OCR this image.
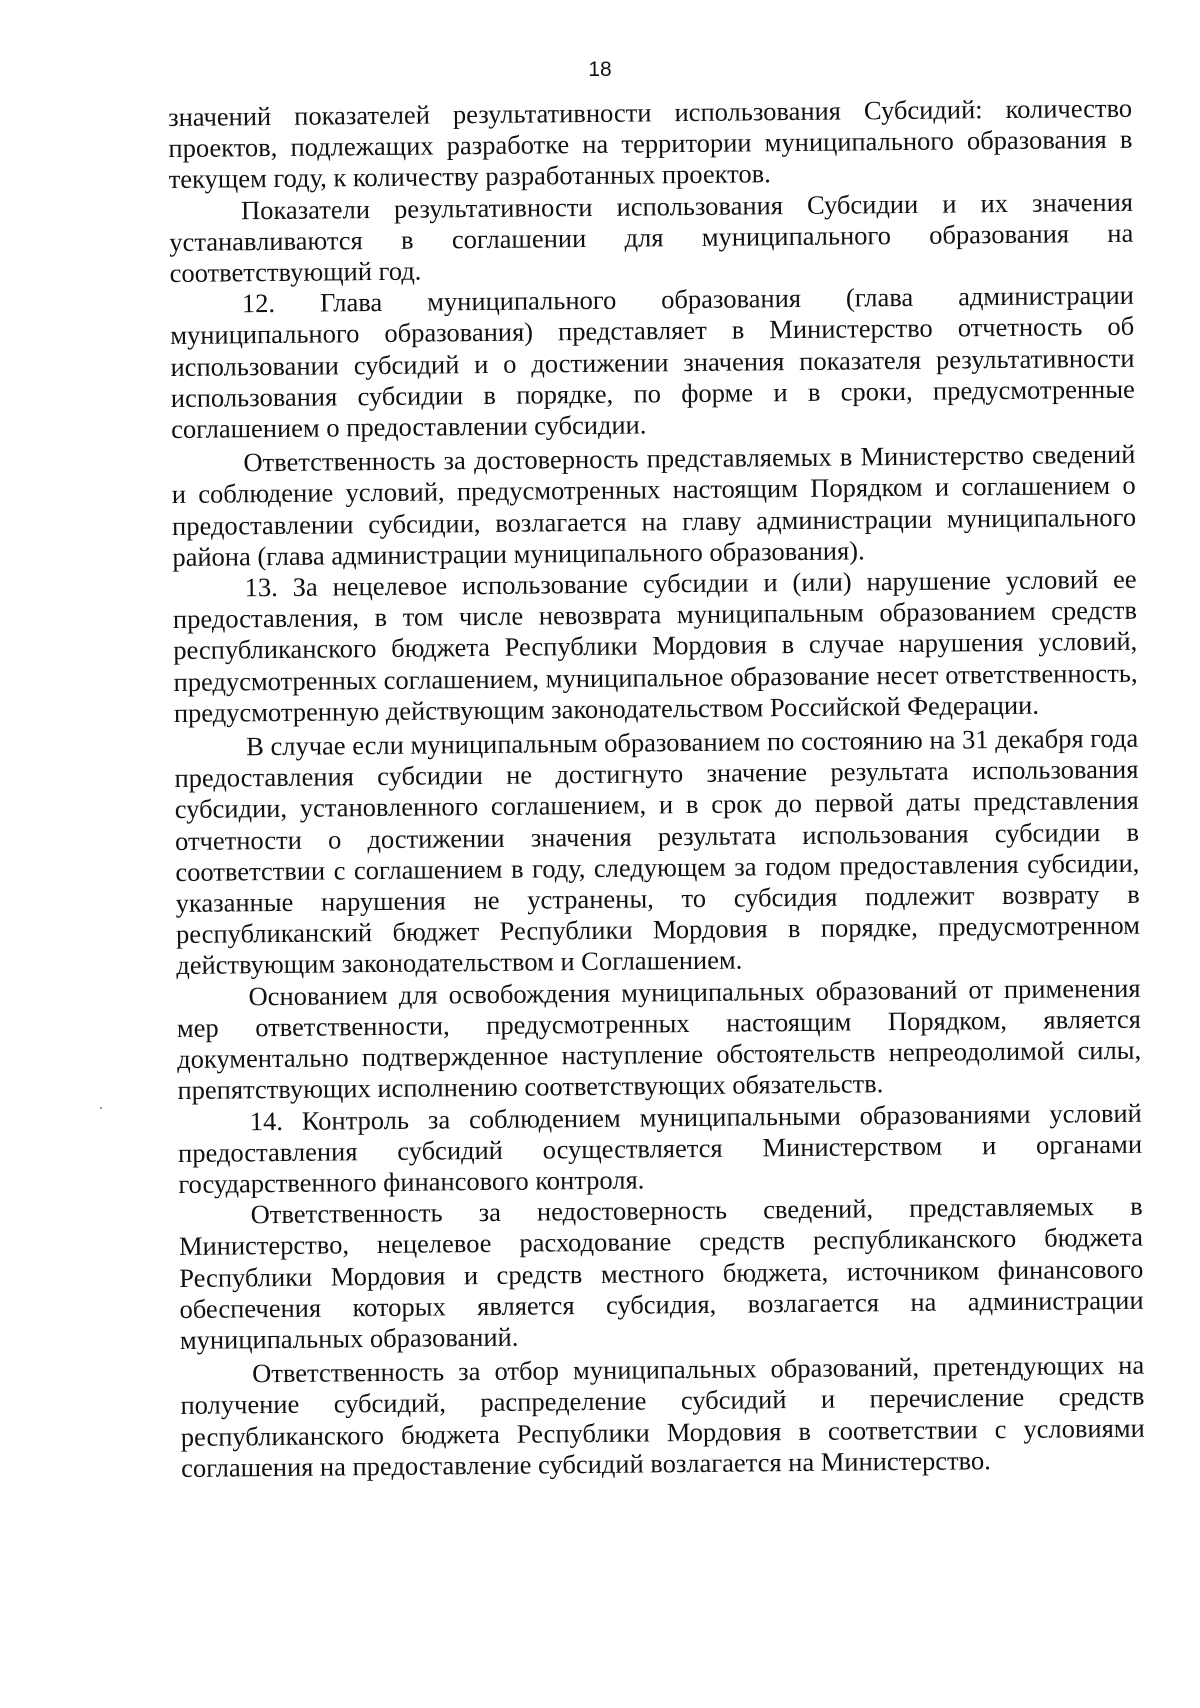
18

значений показателей результативности использования Субсидий: количество проектов, подлежащих разработке на территории муниципального образования в текущем году, к количеству разработанных проектов.

Показатели результативности использования Субсидии и их значения устанавливаются в соглашении для муниципального образования на соответствующий год.

12. Глава муниципального образования (глава администрации муниципального образования) представляет в Министерство отчетность об использовании субсидий и о достижении значения показателя результативности использования субсидии в порядке, по форме и в сроки, предусмотренные соглашением о предоставлении субсидии.

Ответственность за достоверность представляемых в Министерство сведений и соблюдение условий, предусмотренных настоящим Порядком и соглашением о предоставлении субсидии, возлагается на главу администрации муниципального района (глава администрации муниципального образования).

13. За нецелевое использование субсидии и (или) нарушение условий ее предоставления, в том числе невозврата муниципальным образованием средств республиканского бюджета Республики Мордовия в случае нарушения условий, предусмотренных соглашением, муниципальное образование несет ответственность, предусмотренную действующим законодательством Российской Федерации.

В случае если муниципальным образованием по состоянию на 31 декабря года предоставления субсидии не достигнуто значение результата использования субсидии, установленного соглашением, и в срок до первой даты представления отчетности о достижении значения результата использования субсидии в соответствии с соглашением в году, следующем за годом предоставления субсидии, указанные нарушения не устранены, то субсидия подлежит возврату в республиканский бюджет Республики Мордовия в порядке, предусмотренном действующим законодательством и Соглашением.

Основанием для освобождения муниципальных образований от применения мер ответственности, предусмотренных настоящим Порядком, является документально подтвержденное наступление обстоятельств непреодолимой силы, препятствующих исполнению соответствующих обязательств.

14. Контроль за соблюдением муниципальными образованиями условий предоставления субсидий осуществляется Министерством и органами государственного финансового контроля.

Ответственность за недостоверность сведений, представляемых в Министерство, нецелевое расходование средств республиканского бюджета Республики Мордовия и средств местного бюджета, источником финансового обеспечения которых является субсидия, возлагается на администрации муниципальных образований.

Ответственность за отбор муниципальных образований, претендующих на получение субсидий, распределение субсидий и перечисление средств республиканского бюджета Республики Мордовия в соответствии с условиями соглашения на предоставление субсидий возлагается на Министерство.
